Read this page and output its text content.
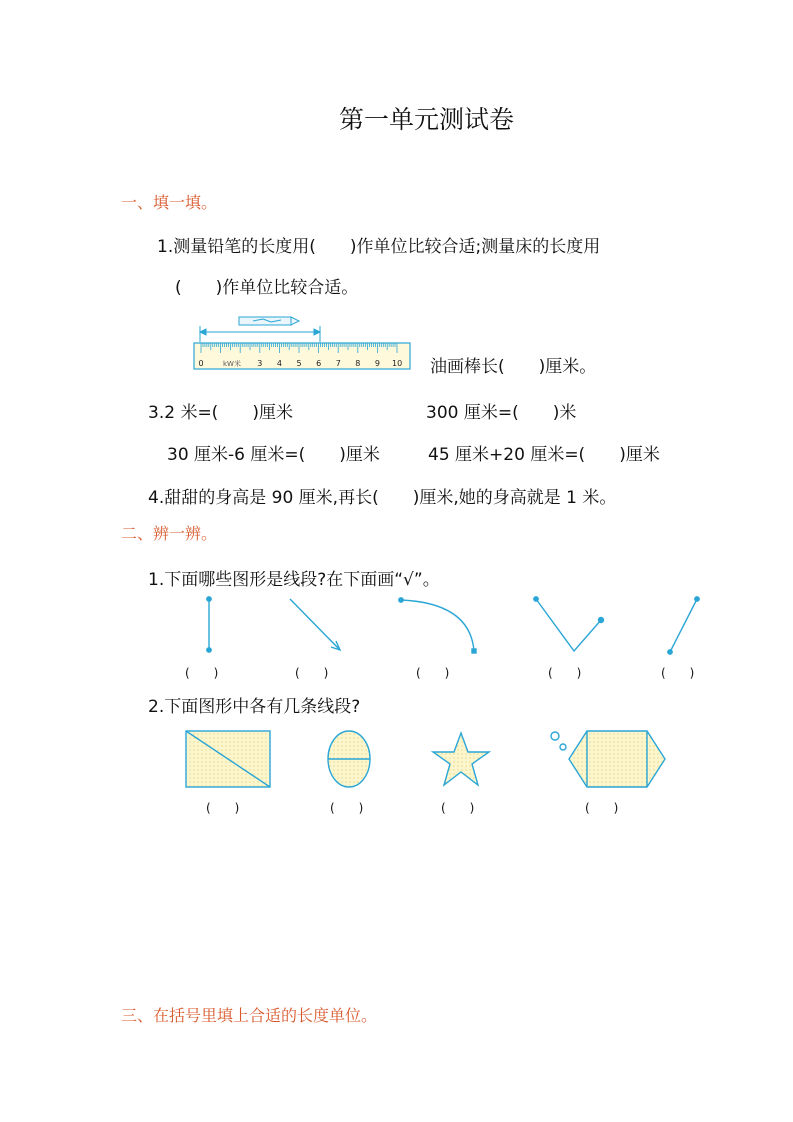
第一单元测试卷
一、填一填。
1.测量铅笔的长度用(　　)作单位比较合适;测量床的长度用
(　　)作单位比较合适。
0	3 4 5 6 7 8 9 10
kW米	油画棒长(　　)厘米。
3.2 米=(　　)厘米	300 厘米=(　　)米
30 厘米-6 厘米=(　　)厘米	45 厘米+20 厘米=(　　)厘米
4.甜甜的身高是 90 厘米,再长(　　)厘米,她的身高就是 1 米。
二、辨一辨。
1.下面哪些图形是线段?在下面画“√”。
(　　)	(　　)	(　　)	(　　)	(　　)
2.下面图形中各有几条线段?
(　　)	(　　)	(　　)	(　　)
三、在括号里填上合适的长度单位。
